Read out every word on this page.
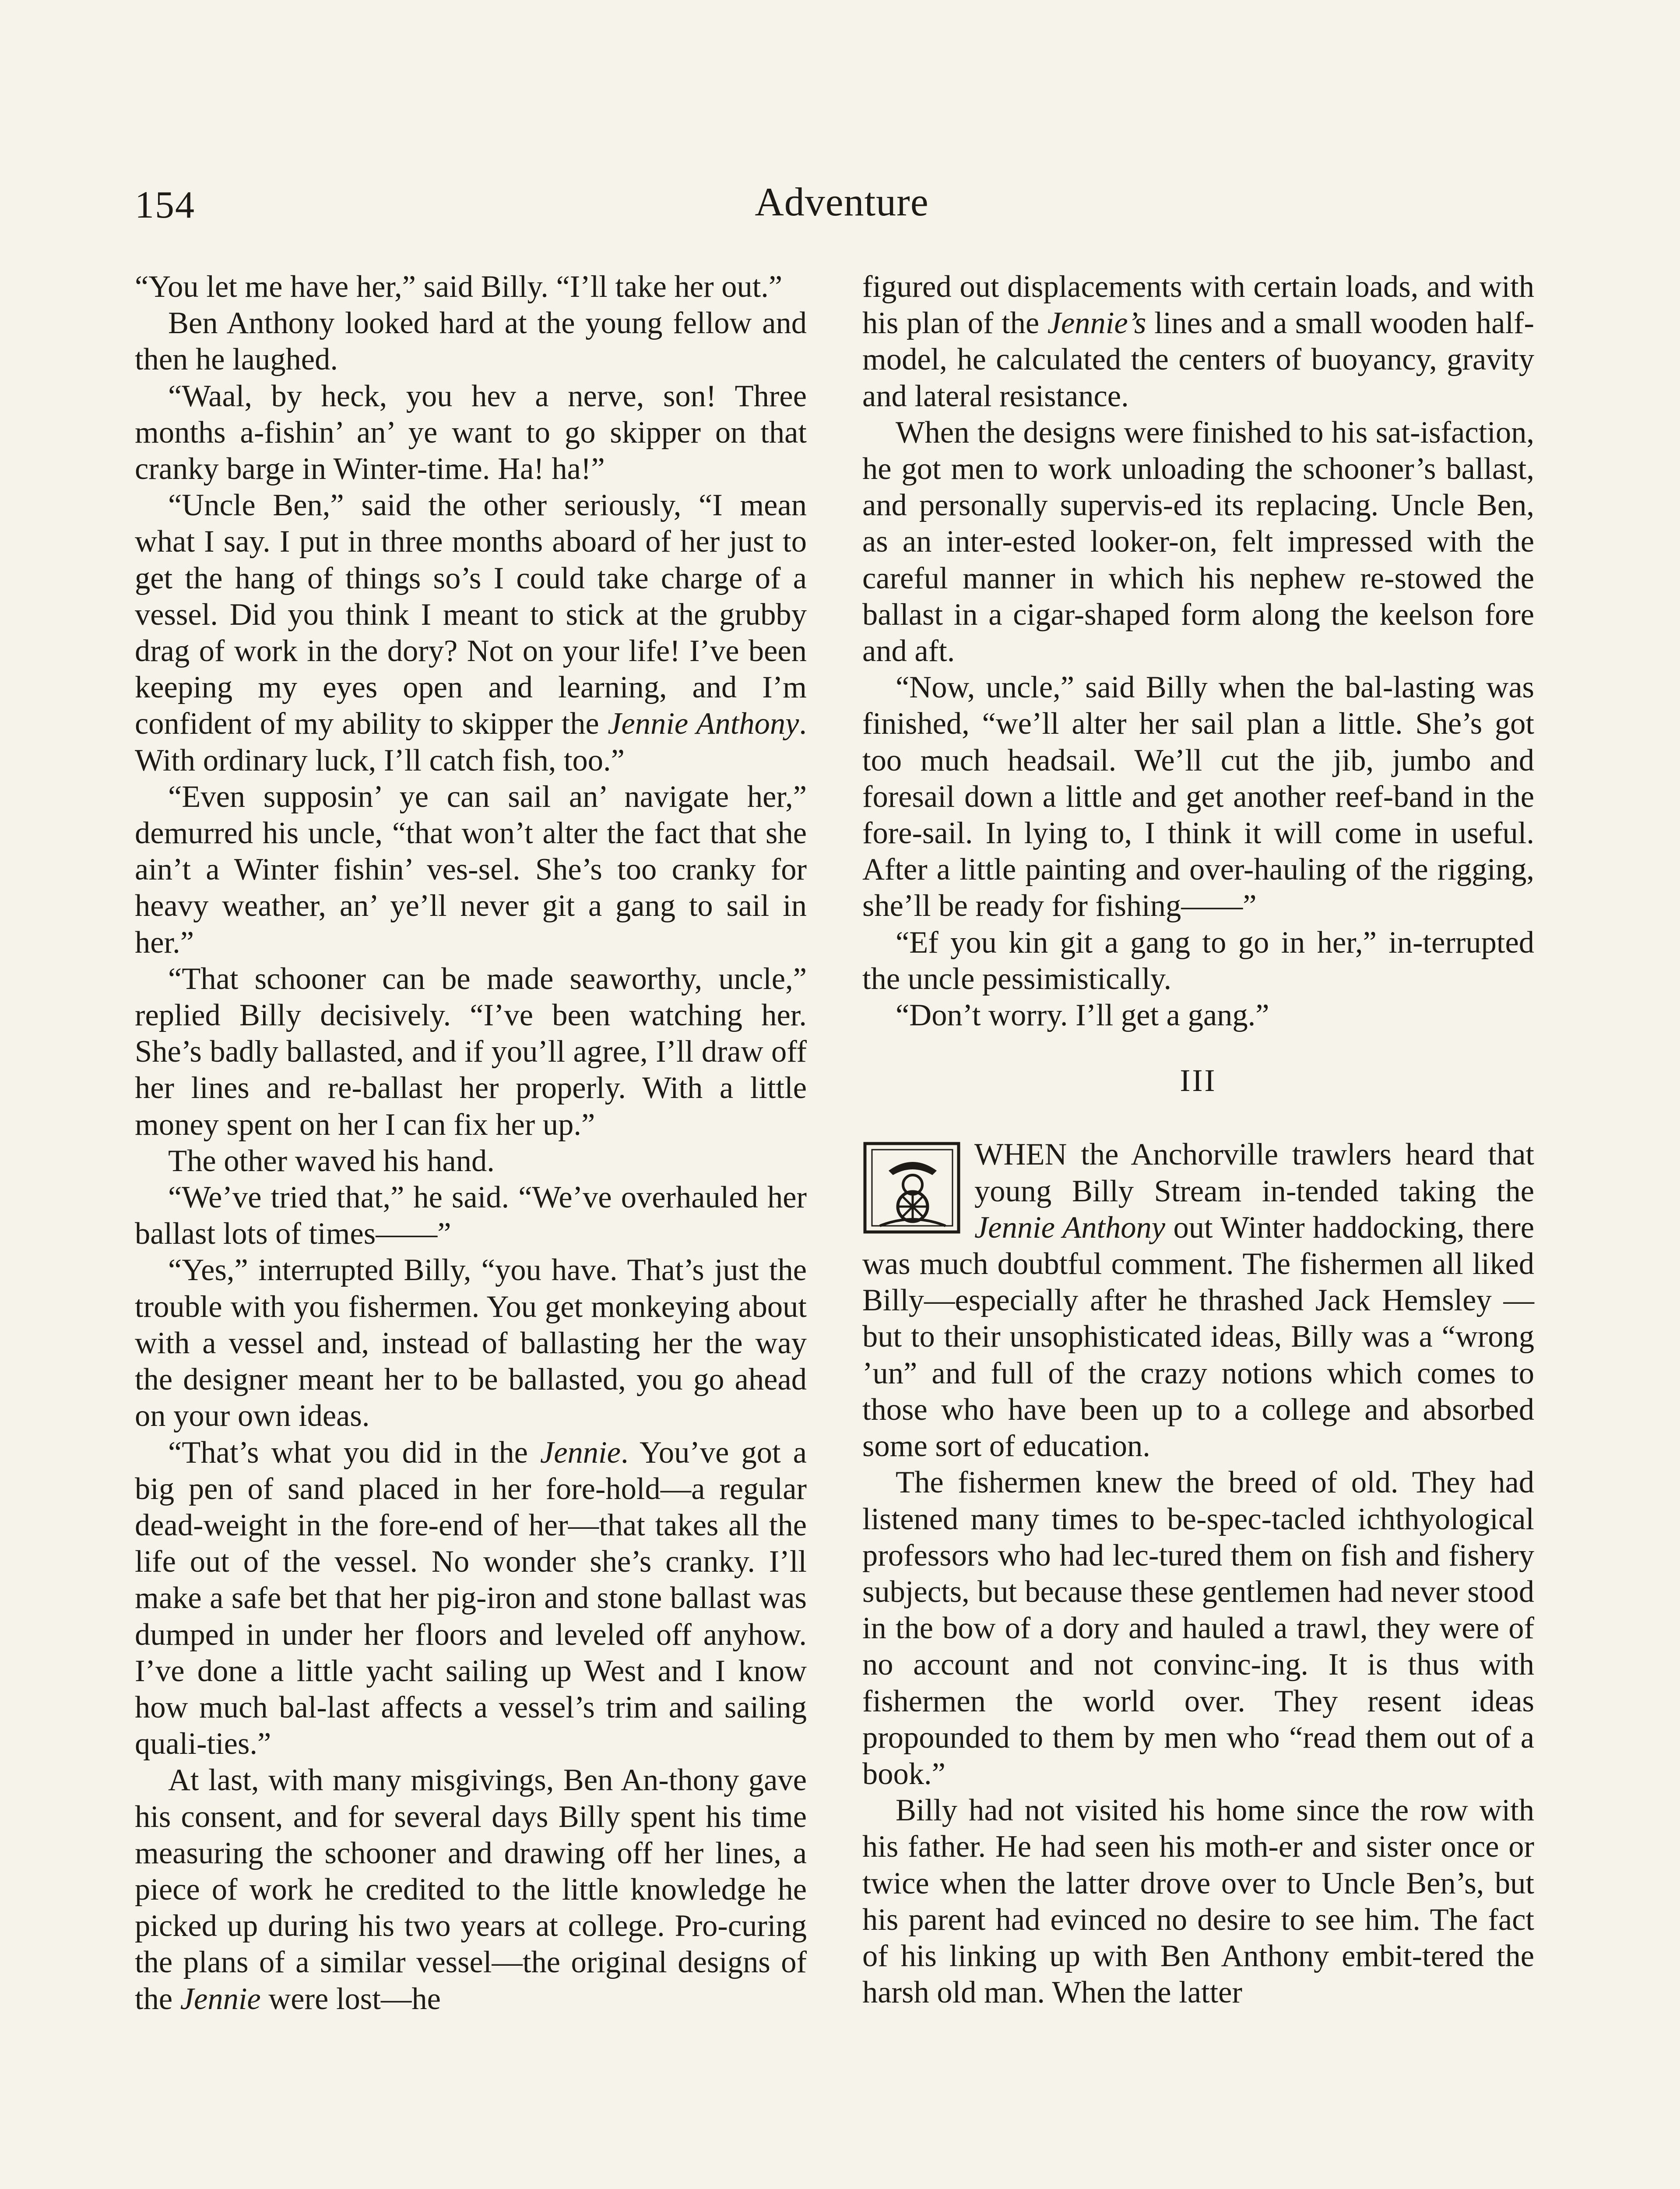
154	Adventure

“You let me have her,” said Billy. “I’ll take her out.”

Ben Anthony looked hard at the young fellow and then he laughed.

“Waal, by heck, you hev a nerve, son! Three months a-fishin’ an’ ye want to go skipper on that cranky barge in Winter-time. Ha! ha!”

“Uncle Ben,” said the other seriously, “I mean what I say. I put in three months aboard of her just to get the hang of things so’s I could take charge of a vessel. Did you think I meant to stick at the grubby drag of work in the dory? Not on your life! I’ve been keeping my eyes open and learning, and I’m confident of my ability to skipper the Jennie Anthony. With ordinary luck, I’ll catch fish, too.”

“Even supposin’ ye can sail an’ navigate her,” demurred his uncle, “that won’t alter the fact that she ain’t a Winter fishin’ ves-sel. She’s too cranky for heavy weather, an’ ye’ll never git a gang to sail in her.”

“That schooner can be made seaworthy, uncle,” replied Billy decisively. “I’ve been watching her. She’s badly ballasted, and if you’ll agree, I’ll draw off her lines and re-ballast her properly. With a little money spent on her I can fix her up.”

The other waved his hand.

“We’ve tried that,” he said. “We’ve overhauled her ballast lots of times——”

“Yes,” interrupted Billy, “you have. That’s just the trouble with you fishermen. You get monkeying about with a vessel and, instead of ballasting her the way the designer meant her to be ballasted, you go ahead on your own ideas.

“That’s what you did in the Jennie. You’ve got a big pen of sand placed in her fore-hold—a regular dead-weight in the fore-end of her—that takes all the life out of the vessel. No wonder she’s cranky. I’ll make a safe bet that her pig-iron and stone ballast was dumped in under her floors and leveled off anyhow. I’ve done a little yacht sailing up West and I know how much bal-last affects a vessel’s trim and sailing quali-ties.”

At last, with many misgivings, Ben An-thony gave his consent, and for several days Billy spent his time measuring the schooner and drawing off her lines, a piece of work he credited to the little knowledge he picked up during his two years at college. Pro-curing the plans of a similar vessel—the original designs of the Jennie were lost—he

figured out displacements with certain loads, and with his plan of the Jennie’s lines and a small wooden half-model, he calculated the centers of buoyancy, gravity and lateral resistance.

When the designs were finished to his sat-isfaction, he got men to work unloading the schooner’s ballast, and personally supervis-ed its replacing. Uncle Ben, as an inter-ested looker-on, felt impressed with the careful manner in which his nephew re-stowed the ballast in a cigar-shaped form along the keelson fore and aft.

“Now, uncle,” said Billy when the bal-lasting was finished, “we’ll alter her sail plan a little. She’s got too much headsail. We’ll cut the jib, jumbo and foresail down a little and get another reef-band in the fore-sail. In lying to, I think it will come in useful. After a little painting and over-hauling of the rigging, she’ll be ready for fishing——”

“Ef you kin git a gang to go in her,” in-terrupted the uncle pessimistically.

“Don’t worry. I’ll get a gang.”

III

WHEN the Anchorville trawlers heard that young Billy Stream in-tended taking the Jennie Anthony out Winter haddocking, there was much doubtful comment. The fishermen all liked Billy—especially after he thrashed Jack Hemsley — but to their unsophisticated ideas, Billy was a “wrong ’un” and full of the crazy notions which comes to those who have been up to a college and absorbed some sort of education.

The fishermen knew the breed of old. They had listened many times to be-spec-tacled ichthyological professors who had lec-tured them on fish and fishery subjects, but because these gentlemen had never stood in the bow of a dory and hauled a trawl, they were of no account and not convinc-ing. It is thus with fishermen the world over. They resent ideas propounded to them by men who “read them out of a book.”

Billy had not visited his home since the row with his father. He had seen his moth-er and sister once or twice when the latter drove over to Uncle Ben’s, but his parent had evinced no desire to see him. The fact of his linking up with Ben Anthony embit-tered the harsh old man. When the latter
